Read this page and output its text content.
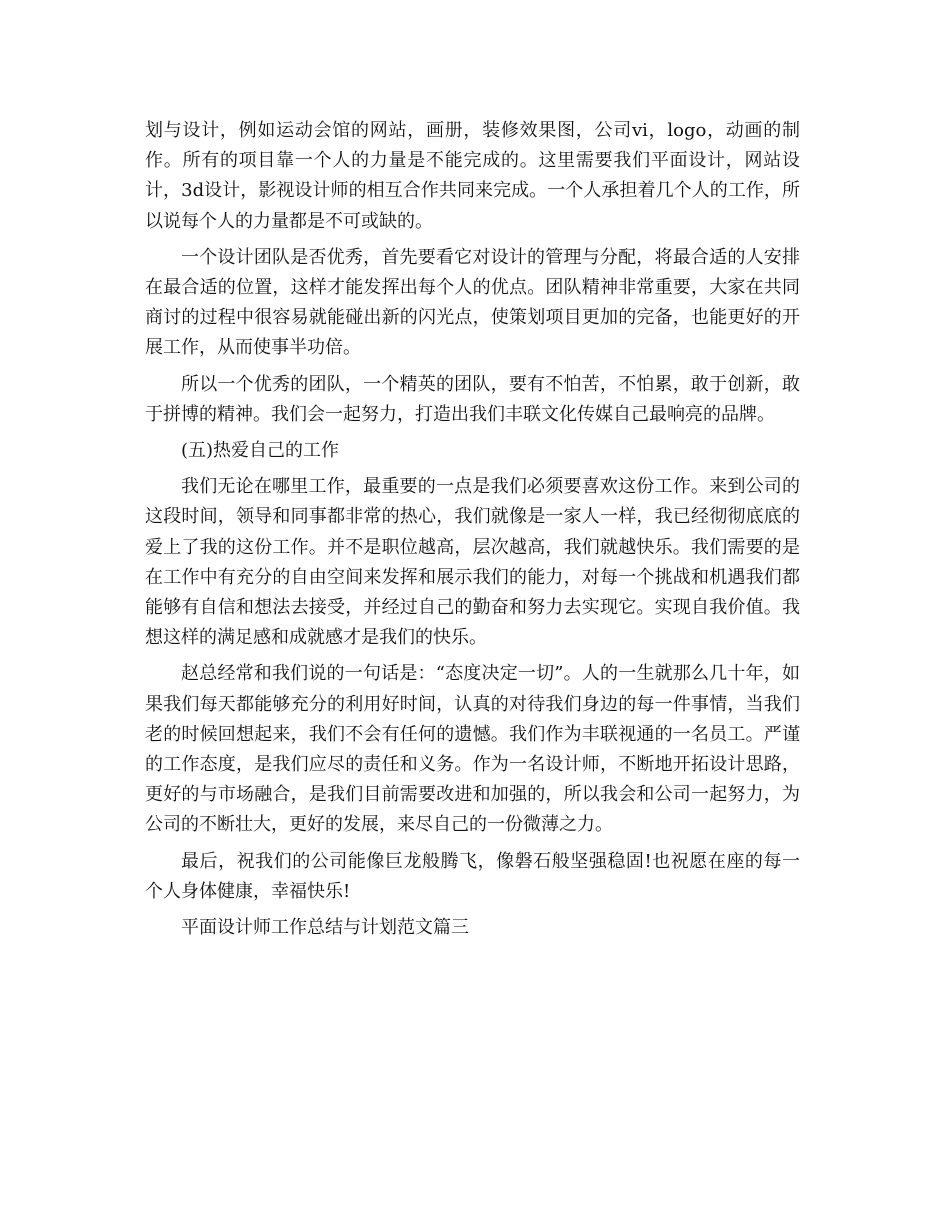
划与设计，例如运动会馆的网站，画册，装修效果图，公司vi，logo，动画的制作。所有的项目靠一个人的力量是不能完成的。这里需要我们平面设计，网站设计，3d设计，影视设计师的相互合作共同来完成。一个人承担着几个人的工作，所以说每个人的力量都是不可或缺的。

一个设计团队是否优秀，首先要看它对设计的管理与分配，将最合适的人安排在最合适的位置，这样才能发挥出每个人的优点。团队精神非常重要，大家在共同商讨的过程中很容易就能碰出新的闪光点，使策划项目更加的完备，也能更好的开展工作，从而使事半功倍。

所以一个优秀的团队，一个精英的团队，要有不怕苦，不怕累，敢于创新，敢于拼博的精神。我们会一起努力，打造出我们丰联文化传媒自己最响亮的品牌。

(五)热爱自己的工作

我们无论在哪里工作，最重要的一点是我们必须要喜欢这份工作。来到公司的这段时间，领导和同事都非常的热心，我们就像是一家人一样，我已经彻彻底底的爱上了我的这份工作。并不是职位越高，层次越高，我们就越快乐。我们需要的是在工作中有充分的自由空间来发挥和展示我们的能力，对每一个挑战和机遇我们都能够有自信和想法去接受，并经过自己的勤奋和努力去实现它。实现自我价值。我想这样的满足感和成就感才是我们的快乐。

赵总经常和我们说的一句话是：“态度决定一切”。人的一生就那么几十年，如果我们每天都能够充分的利用好时间，认真的对待我们身边的每一件事情，当我们老的时候回想起来，我们不会有任何的遗憾。我们作为丰联视通的一名员工。严谨的工作态度，是我们应尽的责任和义务。作为一名设计师，不断地开拓设计思路，更好的与市场融合，是我们目前需要改进和加强的，所以我会和公司一起努力，为公司的不断壮大，更好的发展，来尽自己的一份微薄之力。

最后，祝我们的公司能像巨龙般腾飞，像磐石般坚强稳固!也祝愿在座的每一个人身体健康，幸福快乐!

平面设计师工作总结与计划范文篇三
